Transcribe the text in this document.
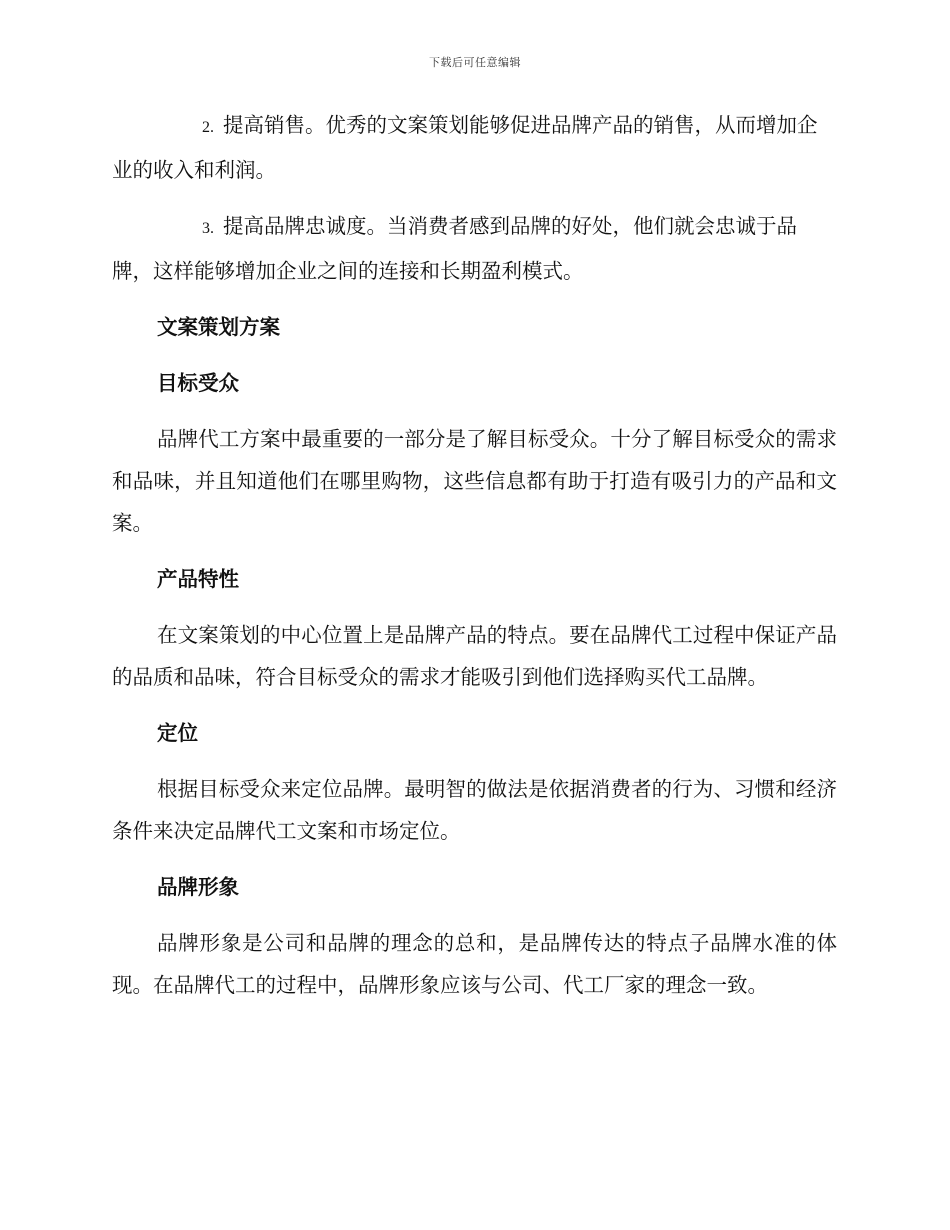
下载后可任意编辑

2. 提高销售。优秀的文案策划能够促进品牌产品的销售，从而增加企业的收入和利润。

3. 提高品牌忠诚度。当消费者感到品牌的好处，他们就会忠诚于品牌，这样能够增加企业之间的连接和长期盈利模式。

文案策划方案
目标受众

品牌代工方案中最重要的一部分是了解目标受众。十分了解目标受众的需求和品味，并且知道他们在哪里购物，这些信息都有助于打造有吸引力的产品和文案。

产品特性

在文案策划的中心位置上是品牌产品的特点。要在品牌代工过程中保证产品的品质和品味，符合目标受众的需求才能吸引到他们选择购买代工品牌。

定位

根据目标受众来定位品牌。最明智的做法是依据消费者的行为、习惯和经济条件来决定品牌代工文案和市场定位。

品牌形象

品牌形象是公司和品牌的理念的总和，是品牌传达的特点子品牌水准的体现。在品牌代工的过程中，品牌形象应该与公司、代工厂家的理念一致。
